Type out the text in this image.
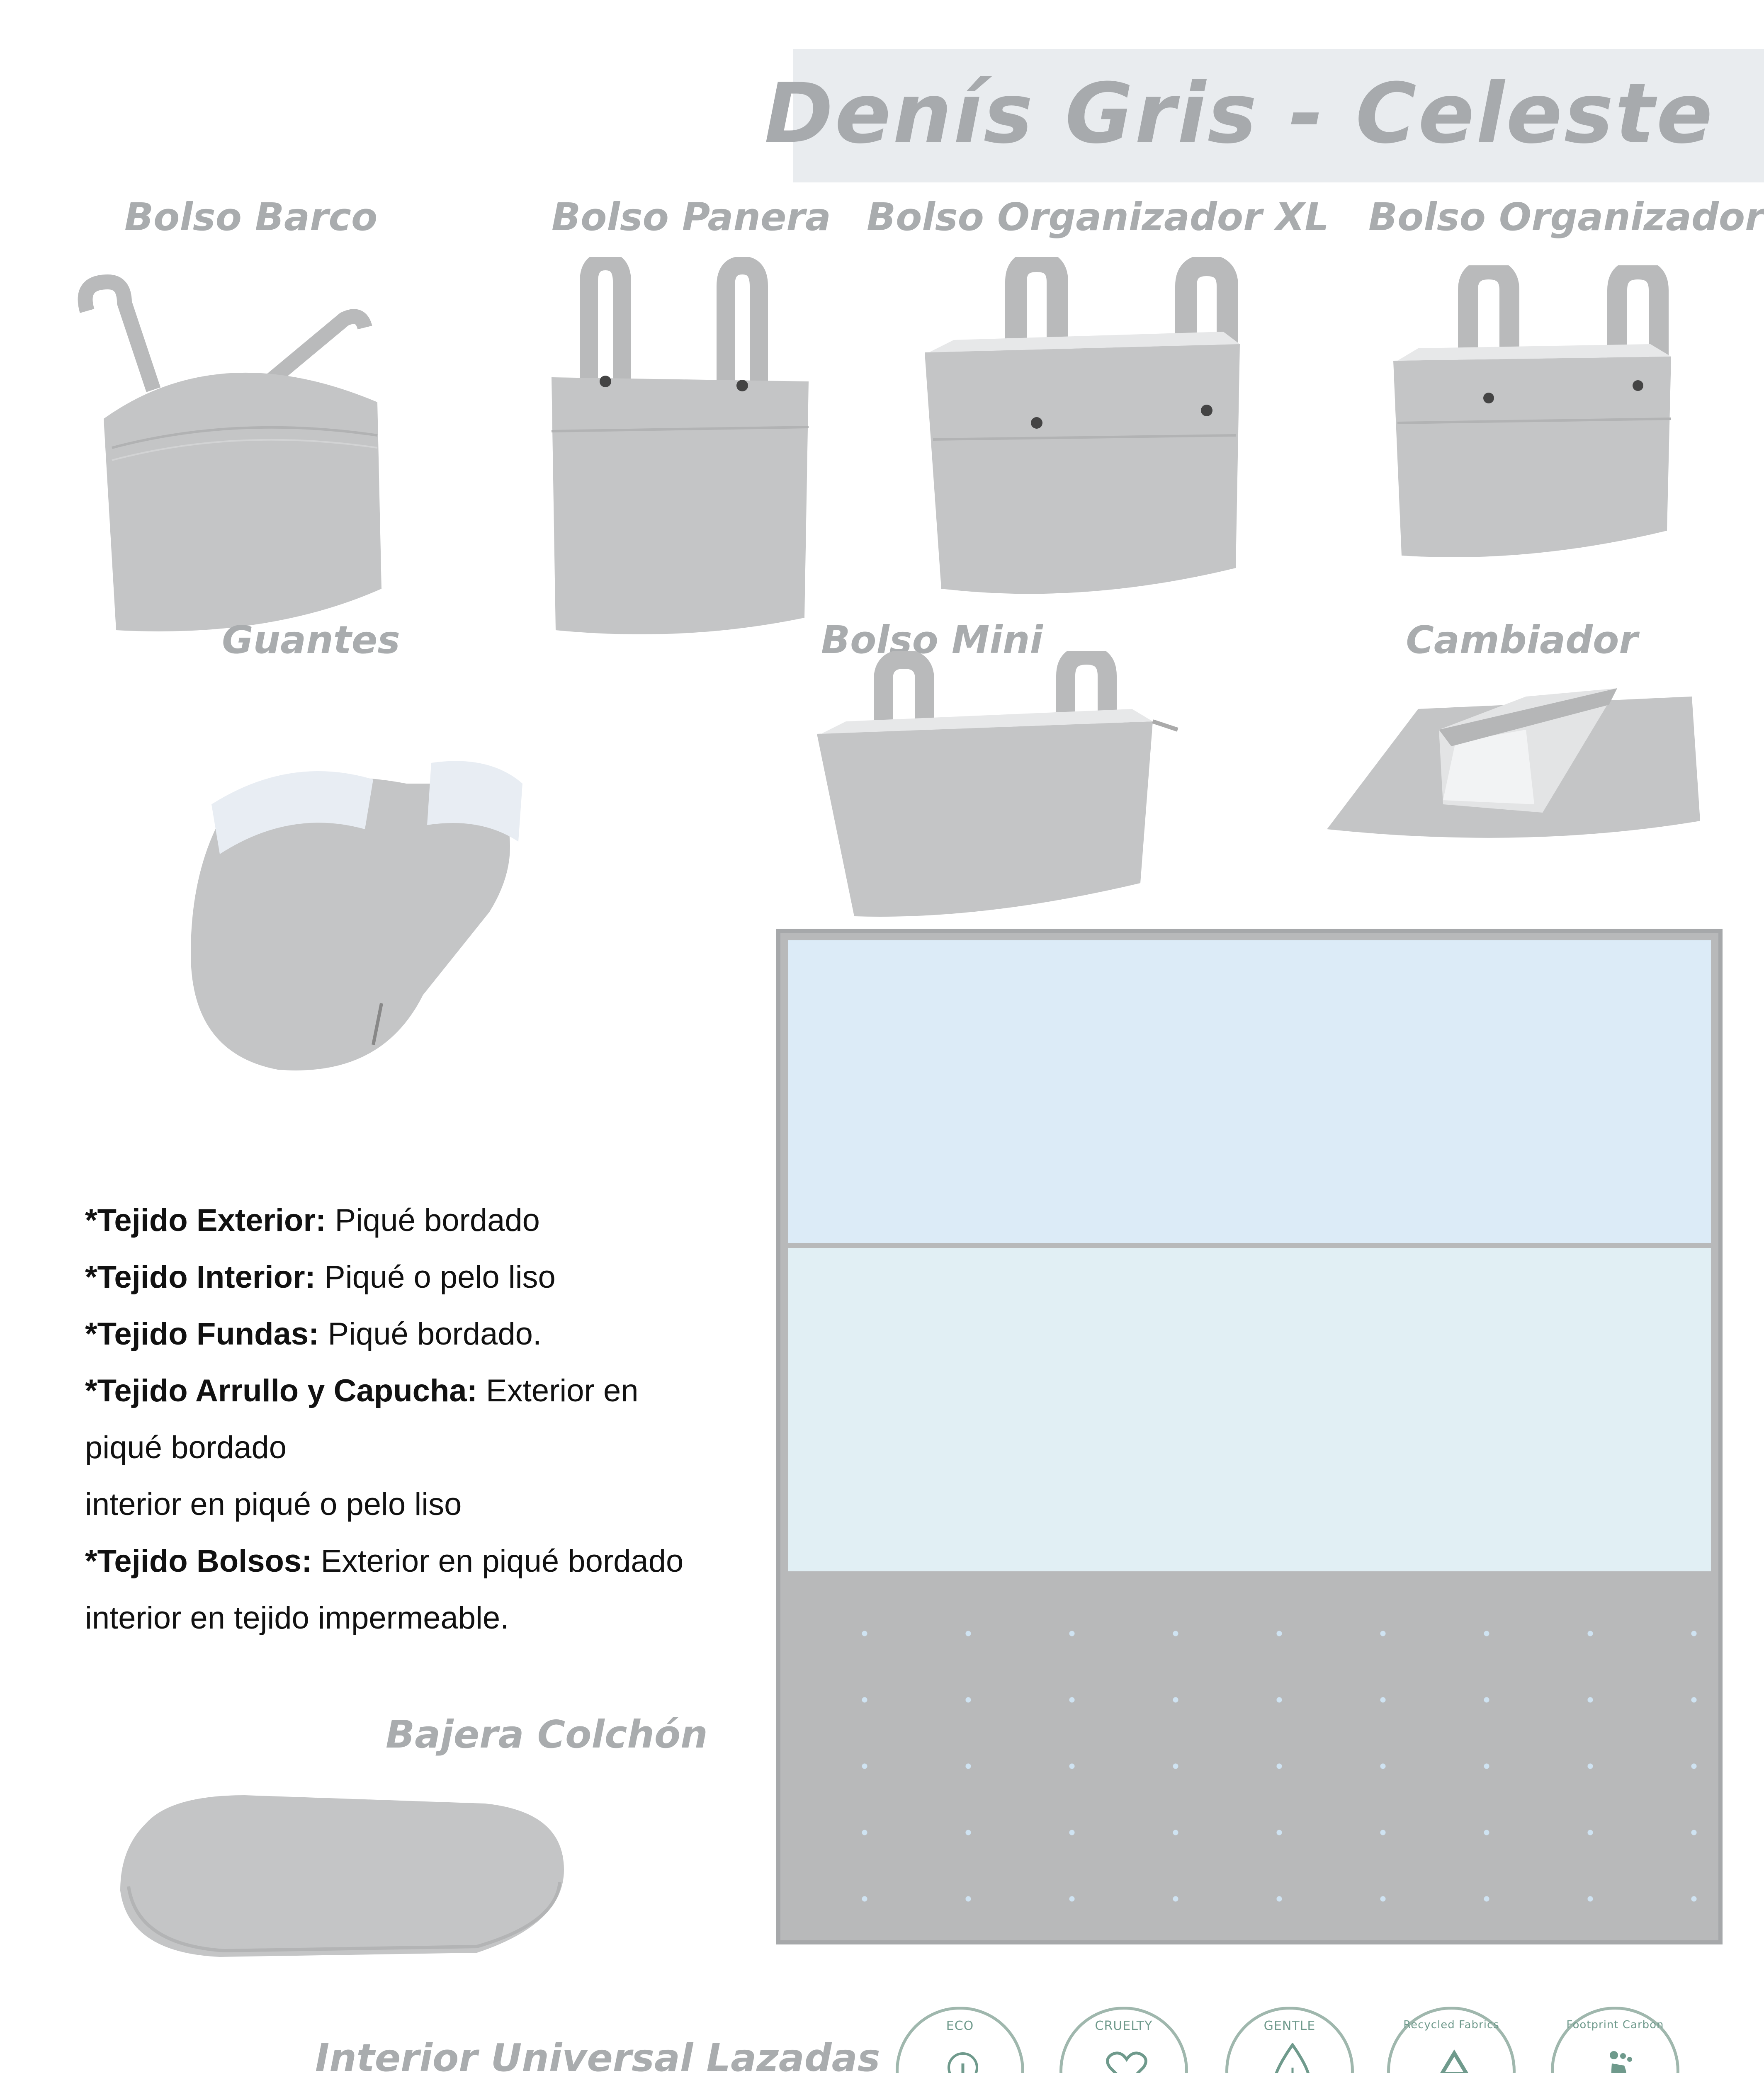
Denís Gris - Celeste
Bolso Barco	Bolso Panera Bolso Organizador XL Bolso Organizador
Guantes	Bolso Mini	Cambiador
*Tejido Exterior: Piqué bordado
*Tejido Interior: Piqué o pelo liso
*Tejido Fundas: Piqué bordado.
*Tejido Arrullo y Capucha: Exterior en
piqué bordado
interior en piqué o pelo liso
*Tejido Bolsos: Exterior en piqué bordado
interior en tejido impermeable.
Bajera Colchón
Interior Universal Lazadas
ECO	CRUELTY	GENTLE	Recycled Fabrics	Footprint Carbon
